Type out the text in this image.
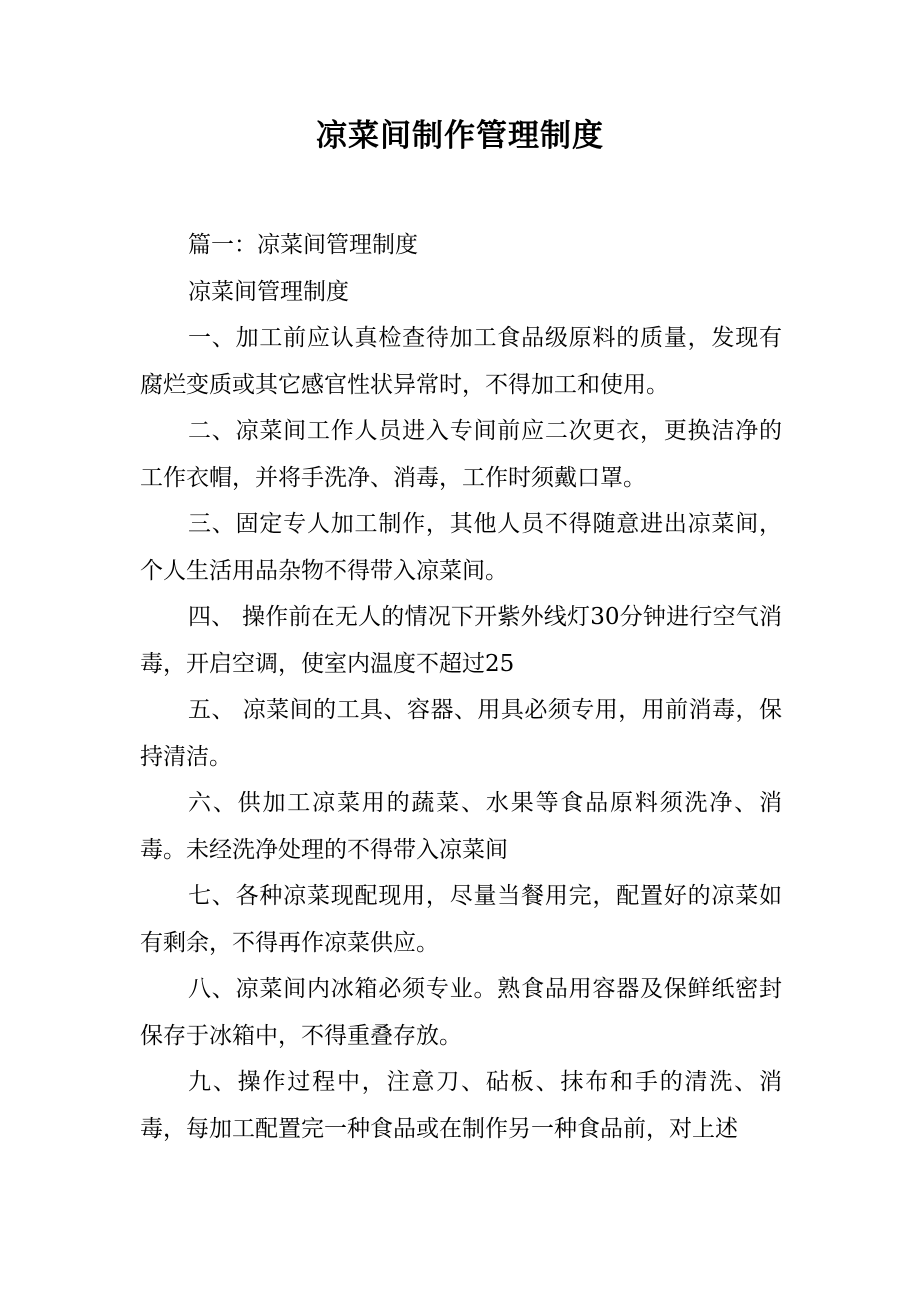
凉菜间制作管理制度

篇一：凉菜间管理制度

凉菜间管理制度

一、加工前应认真检查待加工食品级原料的质量，发现有腐烂变质或其它感官性状异常时，不得加工和使用。

二、凉菜间工作人员进入专间前应二次更衣，更换洁净的工作衣帽，并将手洗净、消毒，工作时须戴口罩。

三、固定专人加工制作，其他人员不得随意进出凉菜间，个人生活用品杂物不得带入凉菜间。

四、 操作前在无人的情况下开紫外线灯30分钟进行空气消毒，开启空调，使室内温度不超过25

五、 凉菜间的工具、容器、用具必须专用，用前消毒，保持清洁。

六、供加工凉菜用的蔬菜、水果等食品原料须洗净、消毒。未经洗净处理的不得带入凉菜间

七、各种凉菜现配现用，尽量当餐用完，配置好的凉菜如有剩余，不得再作凉菜供应。

八、凉菜间内冰箱必须专业。熟食品用容器及保鲜纸密封保存于冰箱中，不得重叠存放。

九、操作过程中，注意刀、砧板、抹布和手的清洗、消毒，每加工配置完一种食品或在制作另一种食品前，对上述
